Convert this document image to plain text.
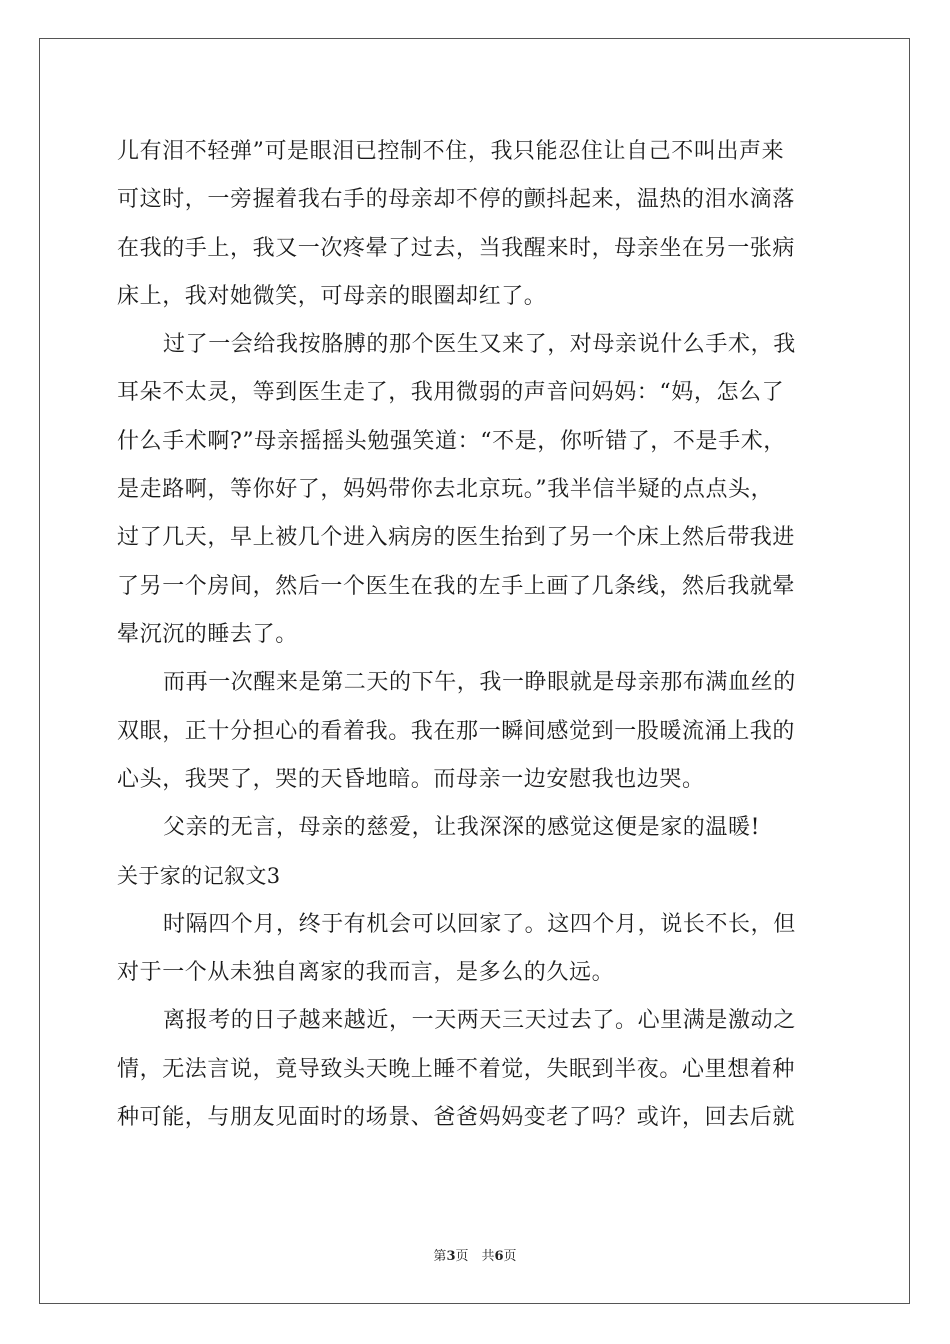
儿有泪不轻弹”可是眼泪已控制不住，我只能忍住让自己不叫出声来
可这时，一旁握着我右手的母亲却不停的颤抖起来，温热的泪水滴落
在我的手上，我又一次疼晕了过去，当我醒来时，母亲坐在另一张病
床上，我对她微笑，可母亲的眼圈却红了。
过了一会给我按胳膊的那个医生又来了，对母亲说什么手术，我
耳朵不太灵，等到医生走了，我用微弱的声音问妈妈：“妈，怎么了
什么手术啊?”母亲摇摇头勉强笑道：“不是，你听错了，不是手术，
是走路啊，等你好了，妈妈带你去北京玩。”我半信半疑的点点头，
过了几天，早上被几个进入病房的医生抬到了另一个床上然后带我进
了另一个房间，然后一个医生在我的左手上画了几条线，然后我就晕
晕沉沉的睡去了。
而再一次醒来是第二天的下午，我一睁眼就是母亲那布满血丝的
双眼，正十分担心的看着我。我在那一瞬间感觉到一股暖流涌上我的
心头，我哭了，哭的天昏地暗。而母亲一边安慰我也边哭。
父亲的无言，母亲的慈爱，让我深深的感觉这便是家的温暖!
关于家的记叙文3
时隔四个月，终于有机会可以回家了。这四个月，说长不长，但
对于一个从未独自离家的我而言，是多么的久远。
离报考的日子越来越近，一天两天三天过去了。心里满是激动之
情，无法言说，竟导致头天晚上睡不着觉，失眠到半夜。心里想着种
种可能，与朋友见面时的场景、爸爸妈妈变老了吗？或许，回去后就
第3页　共6页
